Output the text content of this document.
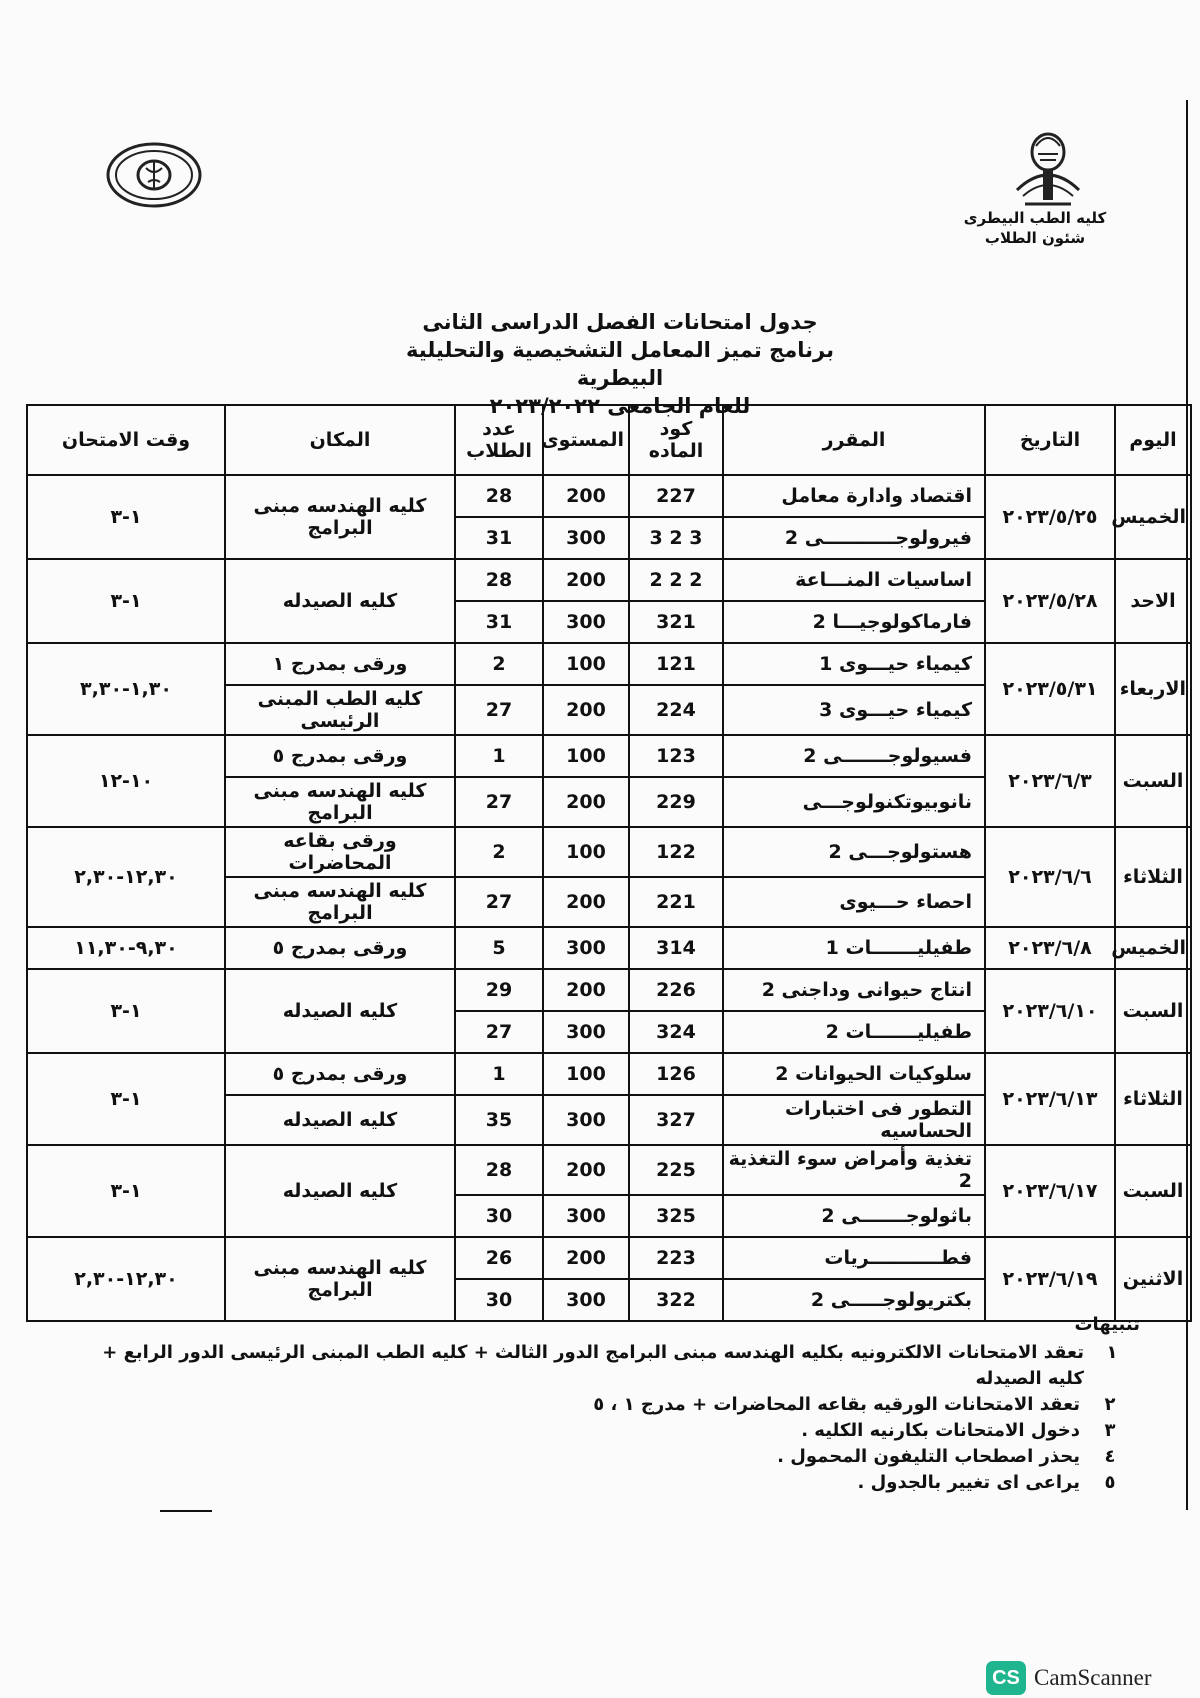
كليه الطب البيطرى
شئون الطلاب
جدول امتحانات الفصل الدراسى الثانى
برنامج تميز المعامل التشخيصية والتحليلية البيطرية
للعام الجامعى ٢٠٢٣/٢٠٢٢
اليوم	التاريخ	المقرر	كود الماده	المستوى	عدد الطلاب	المكان	وقت الامتحان
الخميس	٢٠٢٣/٥/٢٥	اقتصاد وادارة معامل	227	200	28	كليه الهندسه مبنى البرامج	١-٣
		فيرولوجـــــــــــى 2	3 2 3	300	31		
الاحد	٢٠٢٣/٥/٢٨	اساسيات المنـــاعة	2 2 2	200	28	كليه الصيدله	١-٣
		فارماكولوجيـــا 2	321	300	31		
الاربعاء	٢٠٢٣/٥/٣١	كيمياء حيـــوى 1	121	100	2	ورقى بمدرج ١	١,٣٠-٣,٣٠
		كيمياء حيـــوى 3	224	200	27	كليه الطب المبنى الرئيسى	
السبت	٢٠٢٣/٦/٣	فسيولوجـــــــى 2	123	100	1	ورقى بمدرج ٥	١٠-١٢
		نانوبيوتكنولوجـــى	229	200	27	كليه الهندسه مبنى البرامج	
الثلاثاء	٢٠٢٣/٦/٦	هستولوجـــى 2	122	100	2	ورقى بقاعه المحاضرات	١٢,٣٠-٢,٣٠
		احصاء حـــيوى	221	200	27	كليه الهندسه مبنى البرامج	
الخميس	٢٠٢٣/٦/٨	طفيليـــــــات 1	314	300	5	ورقى بمدرج ٥	٩,٣٠-١١,٣٠
السبت	٢٠٢٣/٦/١٠	انتاج حيوانى وداجنى 2	226	200	29	كليه الصيدله	١-٣
		طفيليـــــــات 2	324	300	27		
الثلاثاء	٢٠٢٣/٦/١٣	سلوكيات الحيوانات 2	126	100	1	ورقى بمدرج ٥	١-٣
		التطور فى اختبارات الحساسيه	327	300	35	كليه الصيدله	
السبت	٢٠٢٣/٦/١٧	تغذية وأمراض سوء التغذية 2	225	200	28	كليه الصيدله	١-٣
		باثولوجـــــــى 2	325	300	30		
الاثنين	٢٠٢٣/٦/١٩	فطـــــــــــريات	223	200	26	كليه الهندسه مبنى البرامج	١٢,٣٠-٢,٣٠
		بكتريولوجـــــى 2	322	300	30		
تنبيهات
١
تعقد الامتحانات الالكترونيه بكليه الهندسه مبنى البرامج الدور الثالث + كليه الطب المبنى الرئيسى الدور الرابع + كليه الصيدله
٢
تعقد الامتحانات الورقيه بقاعه المحاضرات + مدرج ١ ، ٥
٣
دخول الامتحانات بكارنيه الكليه .
٤
يحذر اصطحاب التليفون المحمول .
٥
يراعى اى تغيير بالجدول .
CS CamScanner
